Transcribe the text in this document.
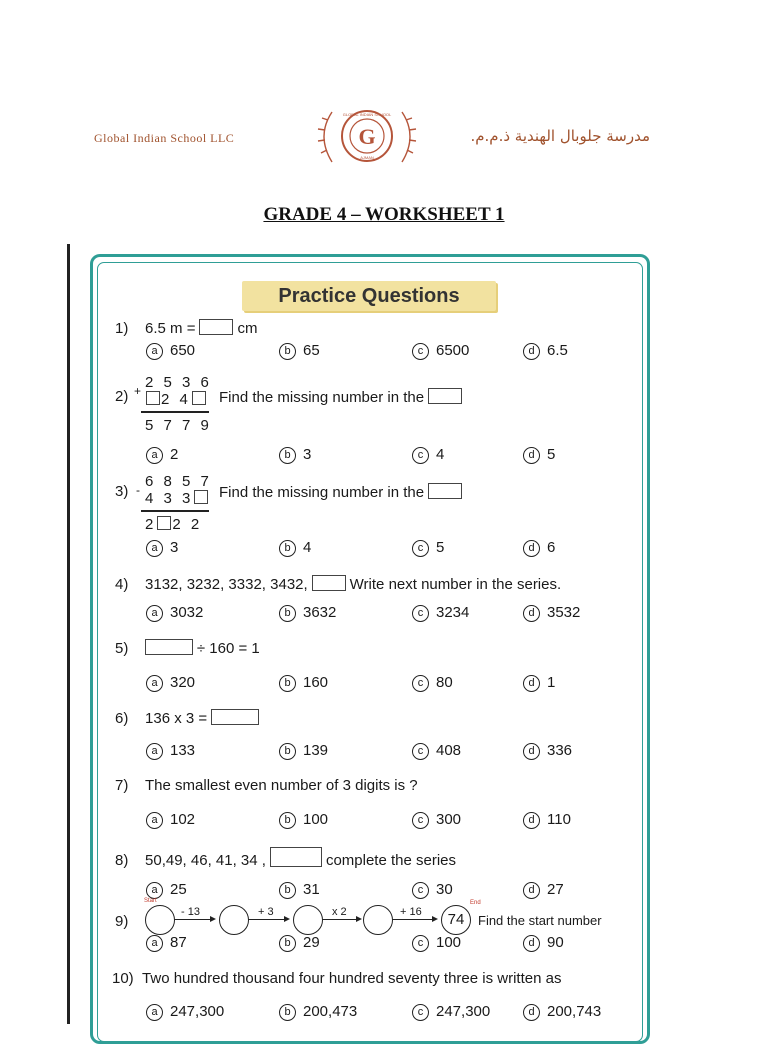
Global Indian School LLC	G
GLOBAL INDIAN SCHOOL
AJMAN
مدرسة جلوبال الهندية ذ.م.م.
GRADE 4 – WORKSHEET 1
Practice Questions
1) 6.5 m =	cm
a 650	b 65	c 6500	d 6.5
2) + 2 5 3 6
2 4
5 7 7 9
Find the missing number in the
a 2	b 3	c 4	d 5
3) - 6 8 5 7
4 3 3
2 2 2
Find the missing number in the
a 3	b 4	c 5	d 6
4) 3132, 3232, 3332, 3432,	Write next number in the series.
a 3032	b 3632	c 3234	d 3532
5)	÷ 160 = 1
a 320	b 160	c 80	d 1
6) 136 x 3 =
a 133	b 139	c 408	d 336
7) The smallest even number of 3 digits is ?
a 102	b 100	c 300	d 110
8) 50,49, 46, 41, 34 ,	complete the series
a 25	b 31	c 30	d 27
9)
Start
- 13	+ 3	x 2	+ 16	74
End
Find the start number
a 87	b 29	c 100	d 90
10) Two hundred thousand four hundred seventy three is written as
a 247,300	b 200,473	c 247,300	d 200,743
